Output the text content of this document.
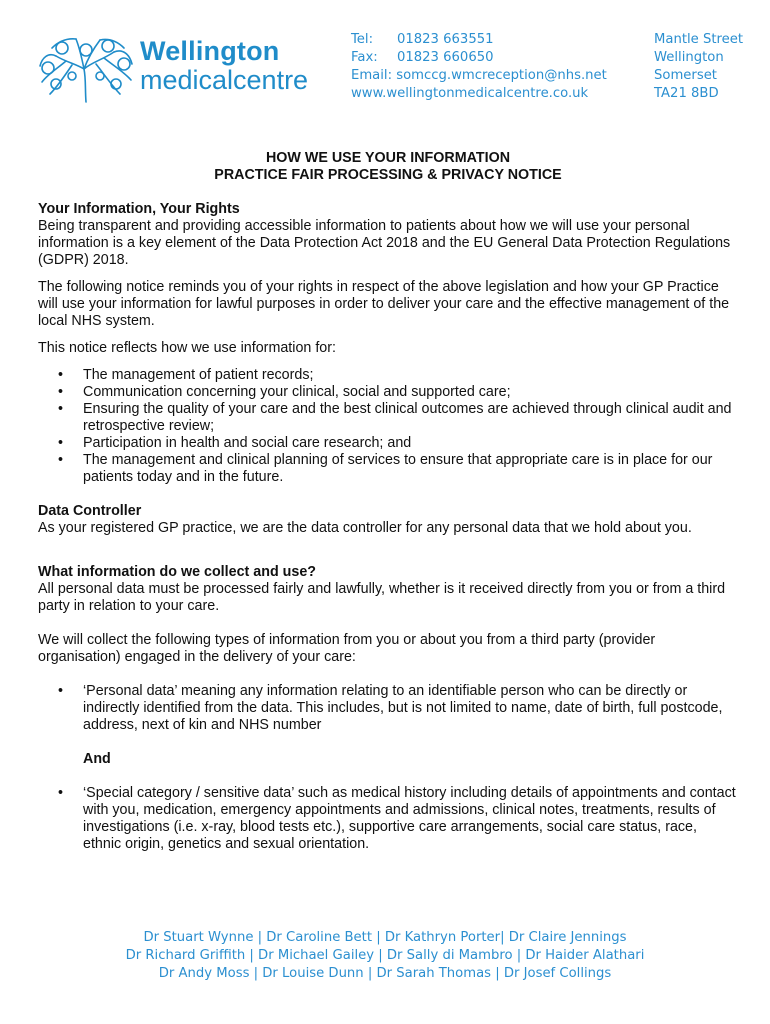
Wellington
medicalcentre
Tel: 01823 663551
Fax: 01823 660650
Email: somccg.wmcreception@nhs.net
www.wellingtonmedicalcentre.co.uk
Mantle Street
Wellington
Somerset
TA21 8BD
HOW WE USE YOUR INFORMATION
PRACTICE FAIR PROCESSING & PRIVACY NOTICE
Your Information, Your Rights

Being transparent and providing accessible information to patients about how we will use your personal information is a key element of the Data Protection Act 2018 and the EU General Data Protection Regulations (GDPR) 2018.

The following notice reminds you of your rights in respect of the above legislation and how your GP Practice will use your information for lawful purposes in order to deliver your care and the effective management of the local NHS system.

This notice reflects how we use information for:

• The management of patient records;
• Communication concerning your clinical, social and supported care;
• Ensuring the quality of your care and the best clinical outcomes are achieved through clinical audit and retrospective review;
• Participation in health and social care research; and
• The management and clinical planning of services to ensure that appropriate care is in place for our patients today and in the future.
Data Controller

As your registered GP practice, we are the data controller for any personal data that we hold about you.

What information do we collect and use?

All personal data must be processed fairly and lawfully, whether is it received directly from you or from a third party in relation to your care.

We will collect the following types of information from you or about you from a third party (provider organisation) engaged in the delivery of your care:

• ‘Personal data’ meaning any information relating to an identifiable person who can be directly or indirectly identified from the data. This includes, but is not limited to name, date of birth, full postcode, address, next of kin and NHS number
And
• ‘Special category / sensitive data’ such as medical history including details of appointments and contact with you, medication, emergency appointments and admissions, clinical notes, treatments, results of investigations (i.e. x-ray, blood tests etc.), supportive care arrangements, social care status, race, ethnic origin, genetics and sexual orientation.
Dr Stuart Wynne | Dr Caroline Bett | Dr Kathryn Porter| Dr Claire Jennings
Dr Richard Griffith | Dr Michael Gailey | Dr Sally di Mambro | Dr Haider Alathari
Dr Andy Moss | Dr Louise Dunn | Dr Sarah Thomas | Dr Josef Collings
